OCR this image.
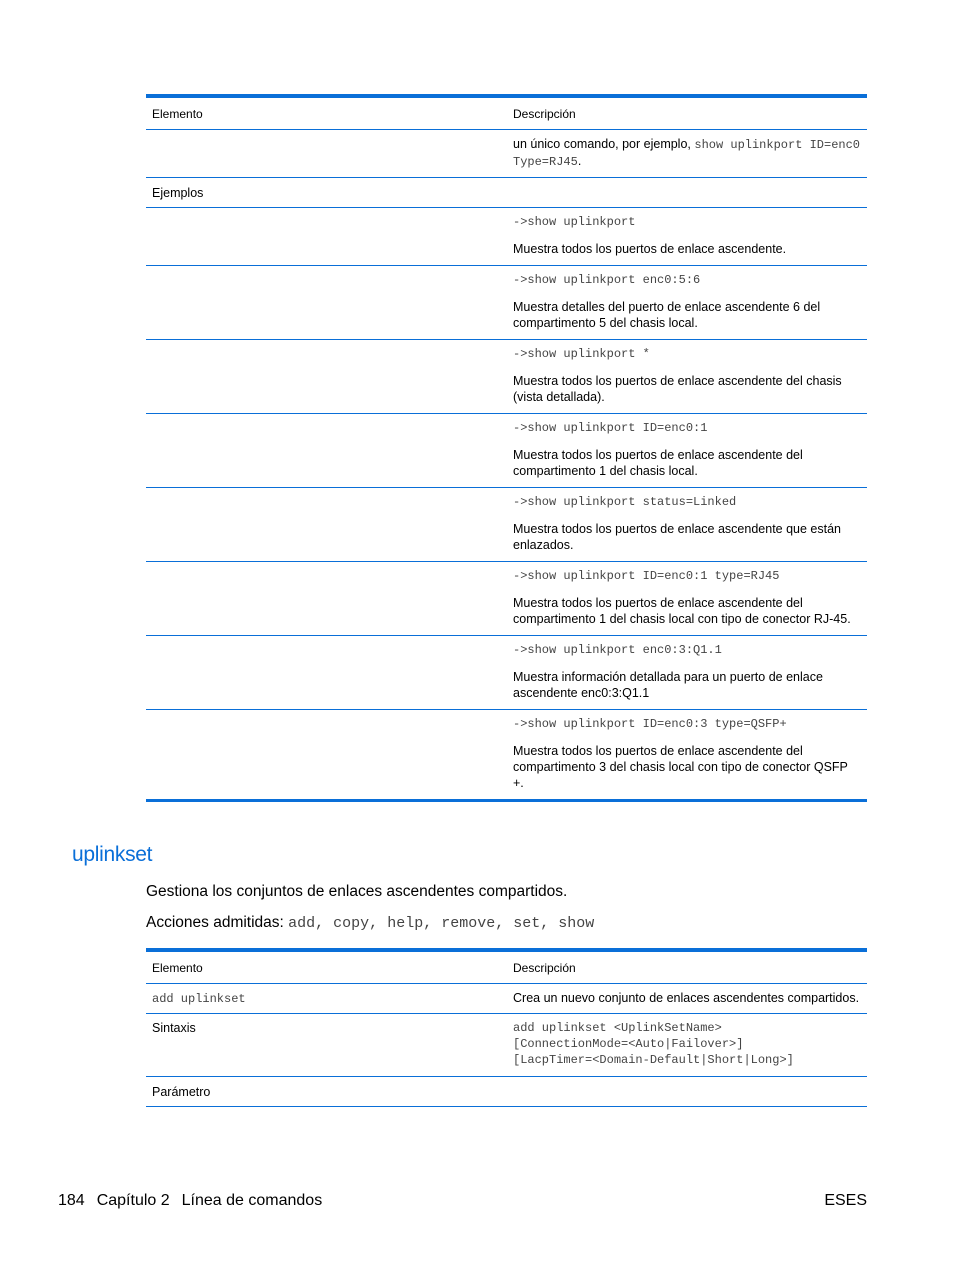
Elemento	Descripción
	un único comando, por ejemplo, show uplinkport ID=enc0 Type=RJ45.
Ejemplos	

	->show uplinkport
Muestra todos los puertos de enlace ascendente.

	->show uplinkport enc0:5:6
Muestra detalles del puerto de enlace ascendente 6 del compartimento 5 del chasis local.

	->show uplinkport *
Muestra todos los puertos de enlace ascendente del chasis (vista detallada).

	->show uplinkport ID=enc0:1
Muestra todos los puertos de enlace ascendente del compartimento 1 del chasis local.

	->show uplinkport status=Linked
Muestra todos los puertos de enlace ascendente que están enlazados.

	->show uplinkport ID=enc0:1 type=RJ45
Muestra todos los puertos de enlace ascendente del compartimento 1 del chasis local con tipo de conector RJ-45.

	->show uplinkport enc0:3:Q1.1
Muestra información detallada para un puerto de enlace ascendente enc0:3:Q1.1

	->show uplinkport ID=enc0:3 type=QSFP+
Muestra todos los puertos de enlace ascendente del compartimento 3 del chasis local con tipo de conector QSFP +.
uplinkset
Gestiona los conjuntos de enlaces ascendentes compartidos.
Acciones admitidas: add, copy, help, remove, set, show
Elemento	Descripción
add uplinkset	Crea un nuevo conjunto de enlaces ascendentes compartidos.
Sintaxis	add uplinkset <UplinkSetName>
[ConnectionMode=<Auto|Failover>]
[LacpTimer=<Domain-Default|Short|Long>]

Parámetro	
184 Capítulo 2 Línea de comandos	ESES
